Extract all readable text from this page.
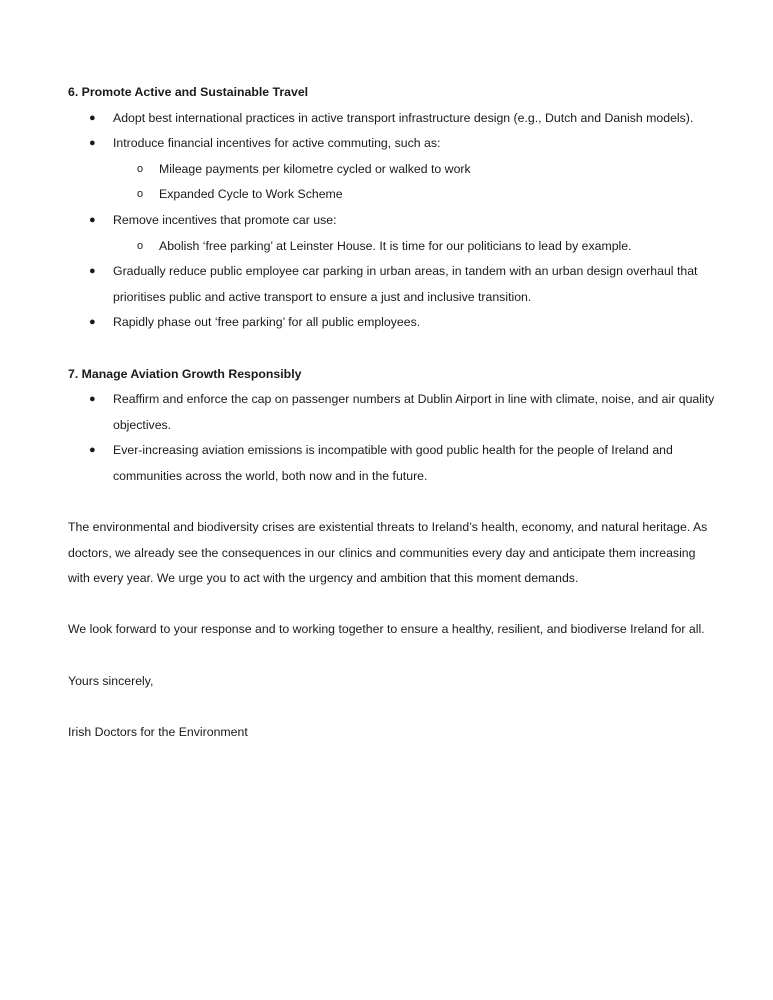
6. Promote Active and Sustainable Travel

● Adopt best international practices in active transport infrastructure design (e.g., Dutch and Danish models).
● Introduce financial incentives for active commuting, such as:
o Mileage payments per kilometre cycled or walked to work
o Expanded Cycle to Work Scheme
● Remove incentives that promote car use:
o Abolish ‘free parking’ at Leinster House. It is time for our politicians to lead by example.
● Gradually reduce public employee car parking in urban areas, in tandem with an urban design overhaul that prioritises public and active transport to ensure a just and inclusive transition.
● Rapidly phase out ‘free parking’ for all public employees.

7. Manage Aviation Growth Responsibly

● Reaffirm and enforce the cap on passenger numbers at Dublin Airport in line with climate, noise, and air quality objectives.
● Ever-increasing aviation emissions is incompatible with good public health for the people of Ireland and communities across the world, both now and in the future.

The environmental and biodiversity crises are existential threats to Ireland’s health, economy, and natural heritage. As doctors, we already see the consequences in our clinics and communities every day and anticipate them increasing with every year. We urge you to act with the urgency and ambition that this moment demands.

We look forward to your response and to working together to ensure a healthy, resilient, and biodiverse Ireland for all.

Yours sincerely,

Irish Doctors for the Environment
